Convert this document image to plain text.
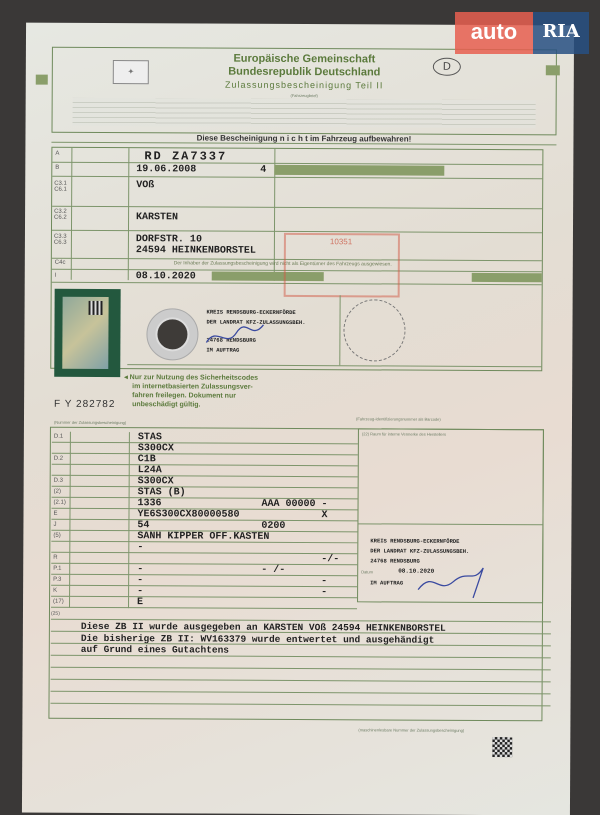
✦
Europäische Gemeinschaft
Bundesrepublik Deutschland
Zulassungsbescheinigung Teil II
(Fahrzeugbrief)
D
Diese Bescheinigung n i c h t im Fahrzeug aufbewahren!
A	RD ZA7337
B	19.06.2008	4
C3.1 C6.1	VOß
C3.2 C6.2	KARSTEN
C3.3 C6.3	DORFSTR. 10
24594 HEINKENBORSTEL
C4c	Der Inhaber der Zulassungsbescheinigung wird nicht als Eigentümer des Fahrzeugs ausgewiesen.
I	08.10.2020
10351
KREIS RENDSBURG-ECKERNFÖRDE
DER LANDRAT KFZ-ZULASSUNGSBEH.
24768 RENDSBURG
IM AUFTRAG
◂ Nur zur Nutzung des Sicherheitscodes
im internetbasierten Zulassungsver-
fahren freilegen. Dokument nur
unbeschädigt gültig.
F Y 282782
(Nummer der Zulassungsbescheinigung)
(Fahrzeug-Identifizierungsnummer als Barcode)
(22) Raum für interne Vermerke des Herstellers
KREIS RENDSBURG-ECKERNFÖRDE
DER LANDRAT KFZ-ZULASSUNGSBEH.
24768 RENDSBURG
Datum	08.10.2020
IM AUFTRAG
(25)
Diese ZB II wurde ausgegeben an KARSTEN VOß 24594 HEINKENBORSTEL
Die bisherige ZB II: WV163379 wurde entwertet und ausgehändigt
auf Grund eines Gutachtens
(maschinenlesbare Nummer der Zulassungsbescheinigung)
D.1	STAS
S300CX
D.2	C1B
L24A
D.3	S300CX
(2)	STAS (B)
(2.1)	1336	AAA 00000 -
E	YE6S300CX80000580	X
J	54	0200
(5)	SANH KIPPER OFF.KASTEN
-
R	-/-
P.1	-	- /-
P.3	-	-
K	-	-
(17)	E
auto	RIA
